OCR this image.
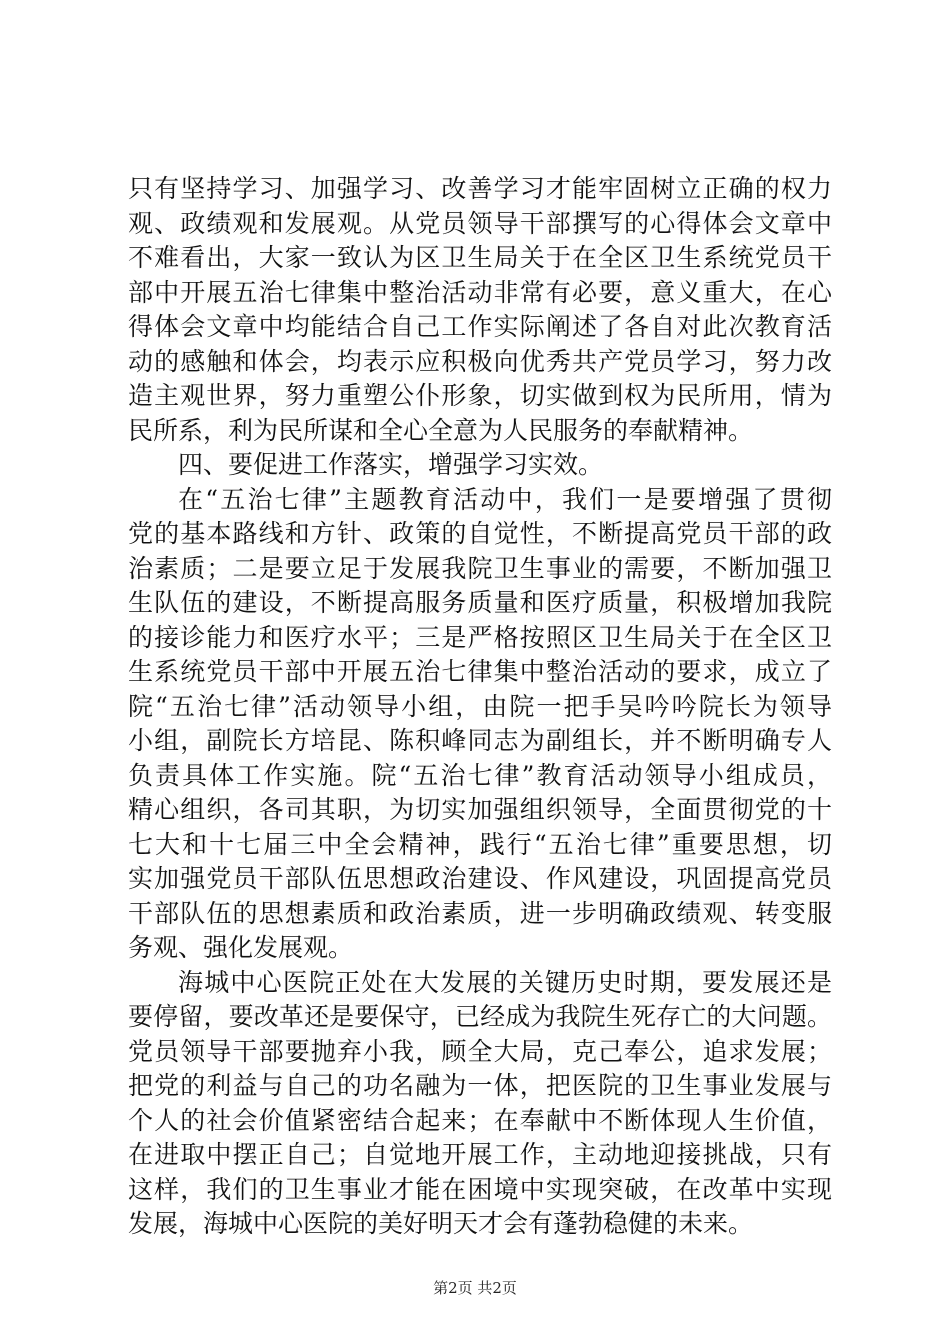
只有坚持学习、加强学习、改善学习才能牢固树立正确的权力
观、政绩观和发展观。从党员领导干部撰写的心得体会文章中
不难看出，大家一致认为区卫生局关于在全区卫生系统党员干
部中开展五治七律集中整治活动非常有必要，意义重大，在心
得体会文章中均能结合自己工作实际阐述了各自对此次教育活
动的感触和体会，均表示应积极向优秀共产党员学习，努力改
造主观世界，努力重塑公仆形象，切实做到权为民所用，情为
民所系，利为民所谋和全心全意为人民服务的奉献精神。
四、要促进工作落实，增强学习实效。
在“五治七律”主题教育活动中，我们一是要增强了贯彻
党的基本路线和方针、政策的自觉性，不断提高党员干部的政
治素质；二是要立足于发展我院卫生事业的需要，不断加强卫
生队伍的建设，不断提高服务质量和医疗质量，积极增加我院
的接诊能力和医疗水平；三是严格按照区卫生局关于在全区卫
生系统党员干部中开展五治七律集中整治活动的要求，成立了
院“五治七律”活动领导小组，由院一把手吴吟吟院长为领导
小组，副院长方培昆、陈积峰同志为副组长，并不断明确专人
负责具体工作实施。院“五治七律”教育活动领导小组成员，
精心组织，各司其职，为切实加强组织领导，全面贯彻党的十
七大和十七届三中全会精神，践行“五治七律”重要思想，切
实加强党员干部队伍思想政治建设、作风建设，巩固提高党员
干部队伍的思想素质和政治素质，进一步明确政绩观、转变服
务观、强化发展观。
海城中心医院正处在大发展的关键历史时期，要发展还是
要停留，要改革还是要保守，已经成为我院生死存亡的大问题。
党员领导干部要抛弃小我，顾全大局，克己奉公，追求发展；
把党的利益与自己的功名融为一体，把医院的卫生事业发展与
个人的社会价值紧密结合起来；在奉献中不断体现人生价值，
在进取中摆正自己；自觉地开展工作，主动地迎接挑战，只有
这样，我们的卫生事业才能在困境中实现突破，在改革中实现
发展，海城中心医院的美好明天才会有蓬勃稳健的未来。
第2页 共2页
